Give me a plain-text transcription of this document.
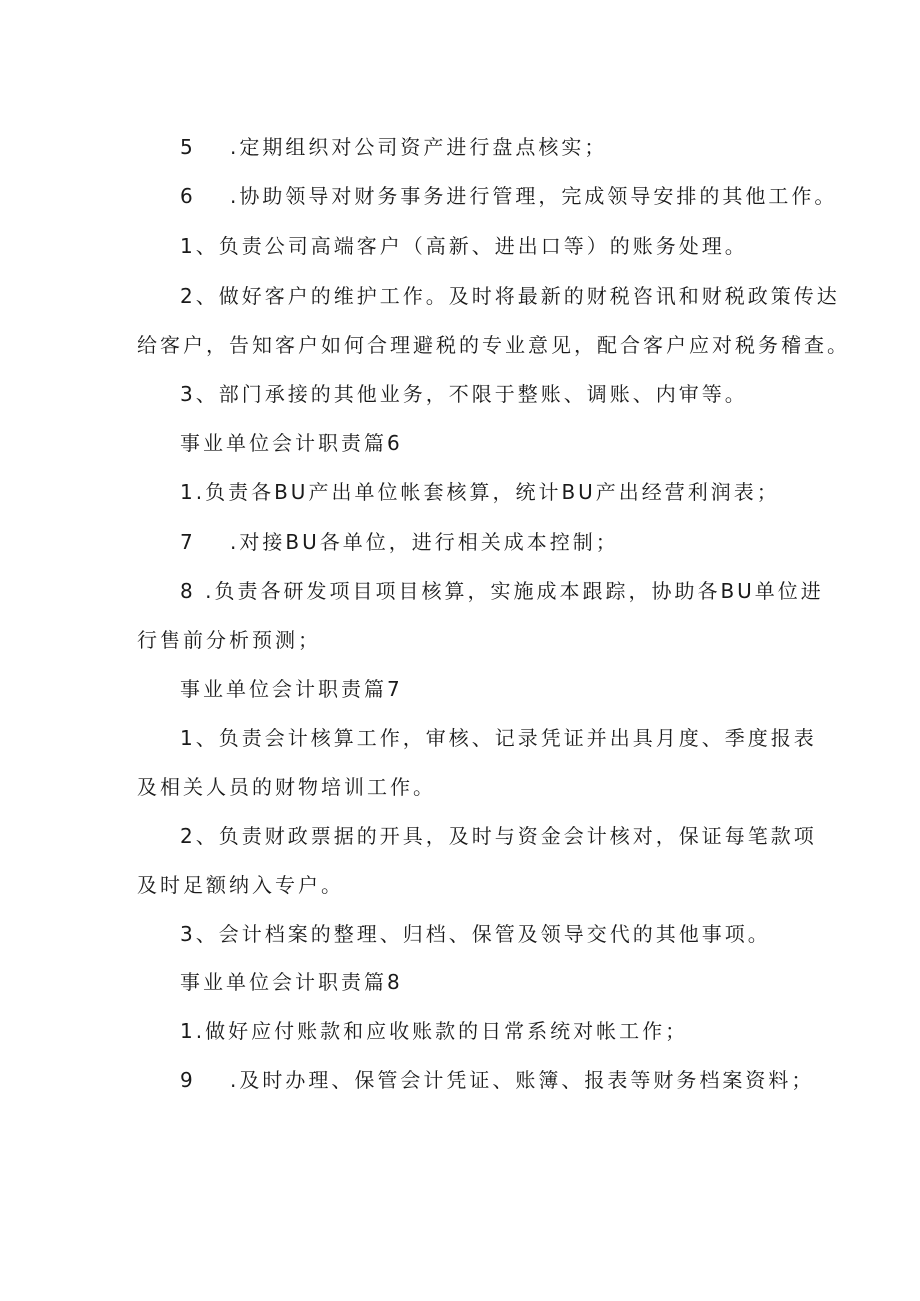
5 .定期组织对公司资产进行盘点核实；
6 .协助领导对财务事务进行管理，完成领导安排的其他工作。
1、负责公司高端客户（高新、进出口等）的账务处理。
2、做好客户的维护工作。及时将最新的财税咨讯和财税政策传达
给客户，告知客户如何合理避税的专业意见，配合客户应对税务稽查。
3、部门承接的其他业务，不限于整账、调账、内审等。
事业单位会计职责篇6
1.负责各BU产出单位帐套核算，统计BU产出经营利润表；
7 .对接BU各单位，进行相关成本控制；
8 .负责各研发项目项目核算，实施成本跟踪，协助各BU单位进
行售前分析预测；
事业单位会计职责篇7
1、负责会计核算工作，审核、记录凭证并出具月度、季度报表
及相关人员的财物培训工作。
2、负责财政票据的开具，及时与资金会计核对，保证每笔款项
及时足额纳入专户。
3、会计档案的整理、归档、保管及领导交代的其他事项。
事业单位会计职责篇8
1.做好应付账款和应收账款的日常系统对帐工作；
9 .及时办理、保管会计凭证、账簿、报表等财务档案资料；
